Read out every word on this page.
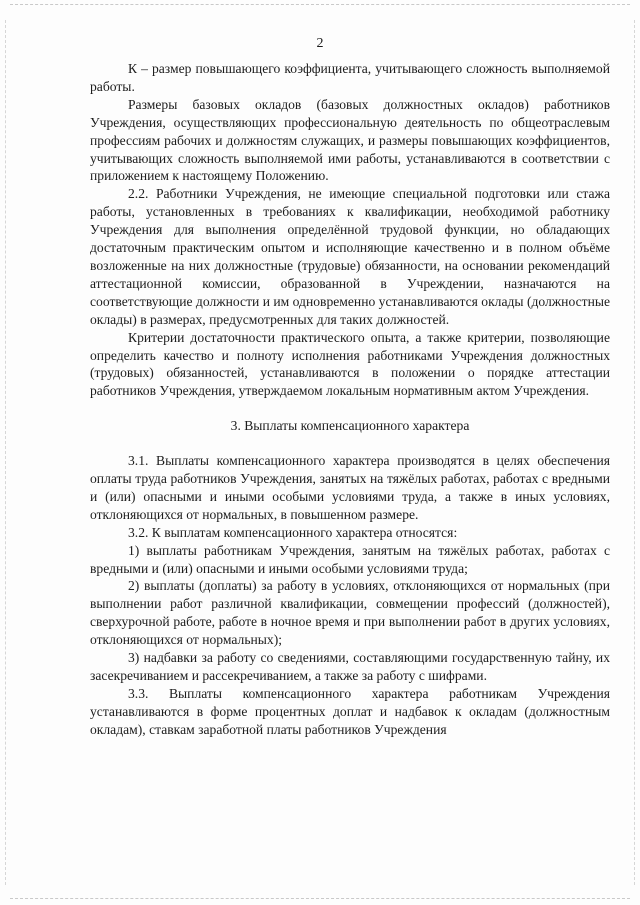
2

К – размер повышающего коэффициента, учитывающего сложность выполняемой работы.

Размеры базовых окладов (базовых должностных окладов) работников Учреждения, осуществляющих профессиональную деятельность по общеотраслевым профессиям рабочих и должностям служащих, и размеры повышающих коэффициентов, учитывающих сложность выполняемой ими работы, устанавливаются в соответствии с приложением к настоящему Положению.

2.2. Работники Учреждения, не имеющие специальной подготовки или стажа работы, установленных в требованиях к квалификации, необходимой работнику Учреждения для выполнения определённой трудовой функции, но обладающих достаточным практическим опытом и исполняющие качественно и в полном объёме возложенные на них должностные (трудовые) обязанности, на основании рекомендаций аттестационной комиссии, образованной в Учреждении, назначаются на соответствующие должности и им одновременно устанавливаются оклады (должностные оклады) в размерах, предусмотренных для таких должностей.

Критерии достаточности практического опыта, а также критерии, позволяющие определить качество и полноту исполнения работниками Учреждения должностных (трудовых) обязанностей, устанавливаются в положении о порядке аттестации работников Учреждения, утверждаемом локальным нормативным актом Учреждения.

3. Выплаты компенсационного характера

3.1. Выплаты компенсационного характера производятся в целях обеспечения оплаты труда работников Учреждения, занятых на тяжёлых работах, работах с вредными и (или) опасными и иными особыми условиями труда, а также в иных условиях, отклоняющихся от нормальных, в повышенном размере.

3.2. К выплатам компенсационного характера относятся:

1) выплаты работникам Учреждения, занятым на тяжёлых работах, работах с вредными и (или) опасными и иными особыми условиями труда;

2) выплаты (доплаты) за работу в условиях, отклоняющихся от нормальных (при выполнении работ различной квалификации, совмещении профессий (должностей), сверхурочной работе, работе в ночное время и при выполнении работ в других условиях, отклоняющихся от нормальных);

3) надбавки за работу со сведениями, составляющими государственную тайну, их засекречиванием и рассекречиванием, а также за работу с шифрами.

3.3. Выплаты компенсационного характера работникам Учреждения устанавливаются в форме процентных доплат и надбавок к окладам (должностным окладам), ставкам заработной платы работников Учреждения
